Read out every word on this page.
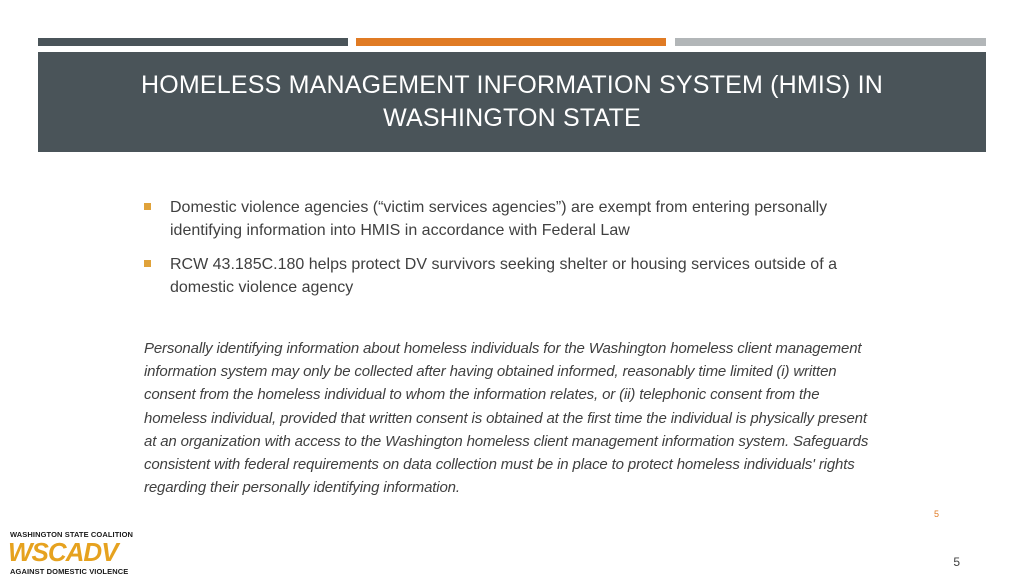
HOMELESS MANAGEMENT INFORMATION SYSTEM (HMIS) IN WASHINGTON STATE
Domestic violence agencies (“victim services agencies”) are exempt from entering personally identifying information into HMIS in accordance with Federal Law
RCW 43.185C.180 helps protect DV survivors seeking shelter or housing services outside of a domestic violence agency

Personally identifying information about homeless individuals for the Washington homeless client management information system may only be collected after having obtained informed, reasonably time limited (i) written consent from the homeless individual to whom the information relates, or (ii) telephonic consent from the homeless individual, provided that written consent is obtained at the first time the individual is physically present at an organization with access to the Washington homeless client management information system. Safeguards consistent with federal requirements on data collection must be in place to protect homeless individuals' rights regarding their personally identifying information.

5
5
WASHINGTON STATE COALITION
WSCADV
AGAINST DOMESTIC VIOLENCE
